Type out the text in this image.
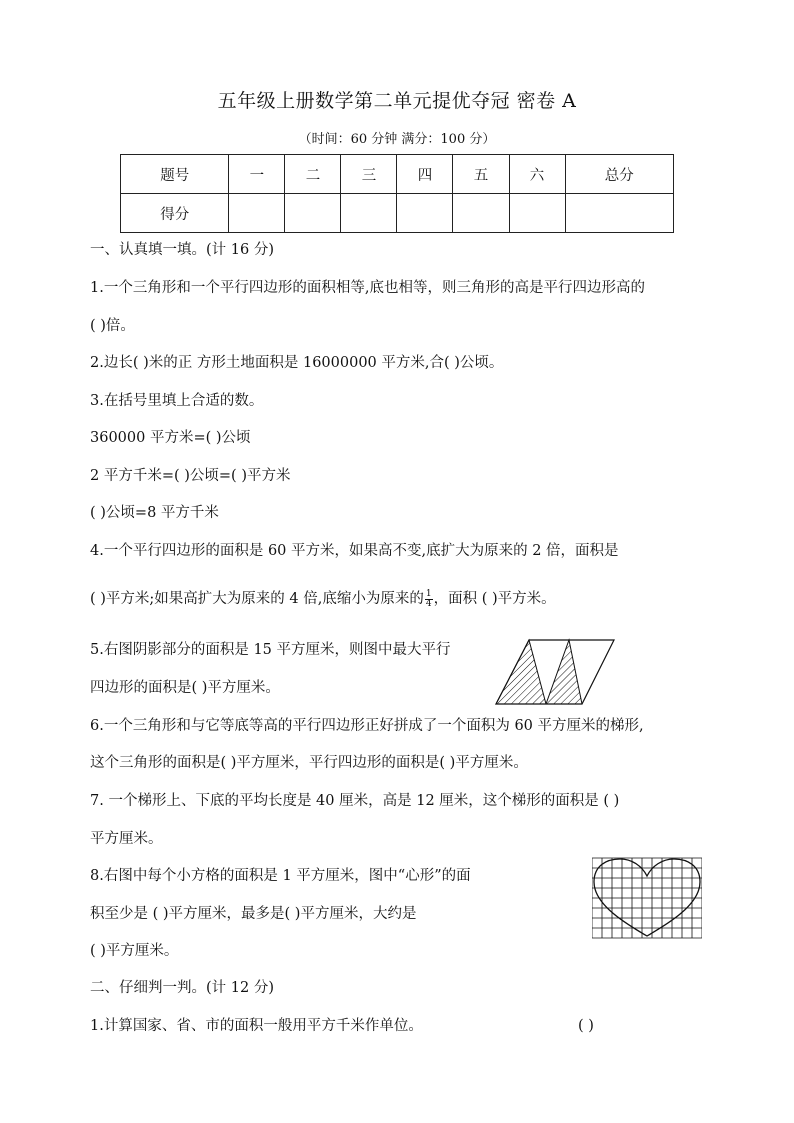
五年级上册数学第二单元提优夺冠 密卷 A
（时间：60 分钟 满分：100 分）
题号	一	二	三	四	五	六	总分
得分							
一、认真填一填。(计 16 分)
1.一个三角形和一个平行四边形的面积相等,底也相等，则三角形的高是平行四边形高的
( )倍。
2.边长( )米的正 方形土地面积是 16000000 平方米,合( )公顷。
3.在括号里填上合适的数。
360000 平方米=( )公顷
2 平方千米=( )公顷=( )平方米
( )公顷=8 平方千米
4.一个平行四边形的面积是 60 平方米，如果高不变,底扩大为原来的 2 倍，面积是
( )平方米;如果高扩大为原来的 4 倍,底缩小为原来的 $\frac{1}{4}$ ，面积 ( )平方米。
5.右图阴影部分的面积是 15 平方厘米，则图中最大平行
四边形的面积是( )平方厘米。
6.一个三角形和与它等底等高的平行四边形正好拼成了一个面积为 60 平方厘米的梯形,
这个三角形的面积是( )平方厘米，平行四边形的面积是( )平方厘米。
7. 一个梯形上、下底的平均长度是 40 厘米，高是 12 厘米，这个梯形的面积是 ( )
平方厘米。
8.右图中每个小方格的面积是 1 平方厘米，图中“心形”的面
积至少是 ( )平方厘米，最多是( )平方厘米，大约是
( )平方厘米。
二、仔细判一判。(计 12 分)
1.计算国家、省、市的面积一般用平方千米作单位。	( )
